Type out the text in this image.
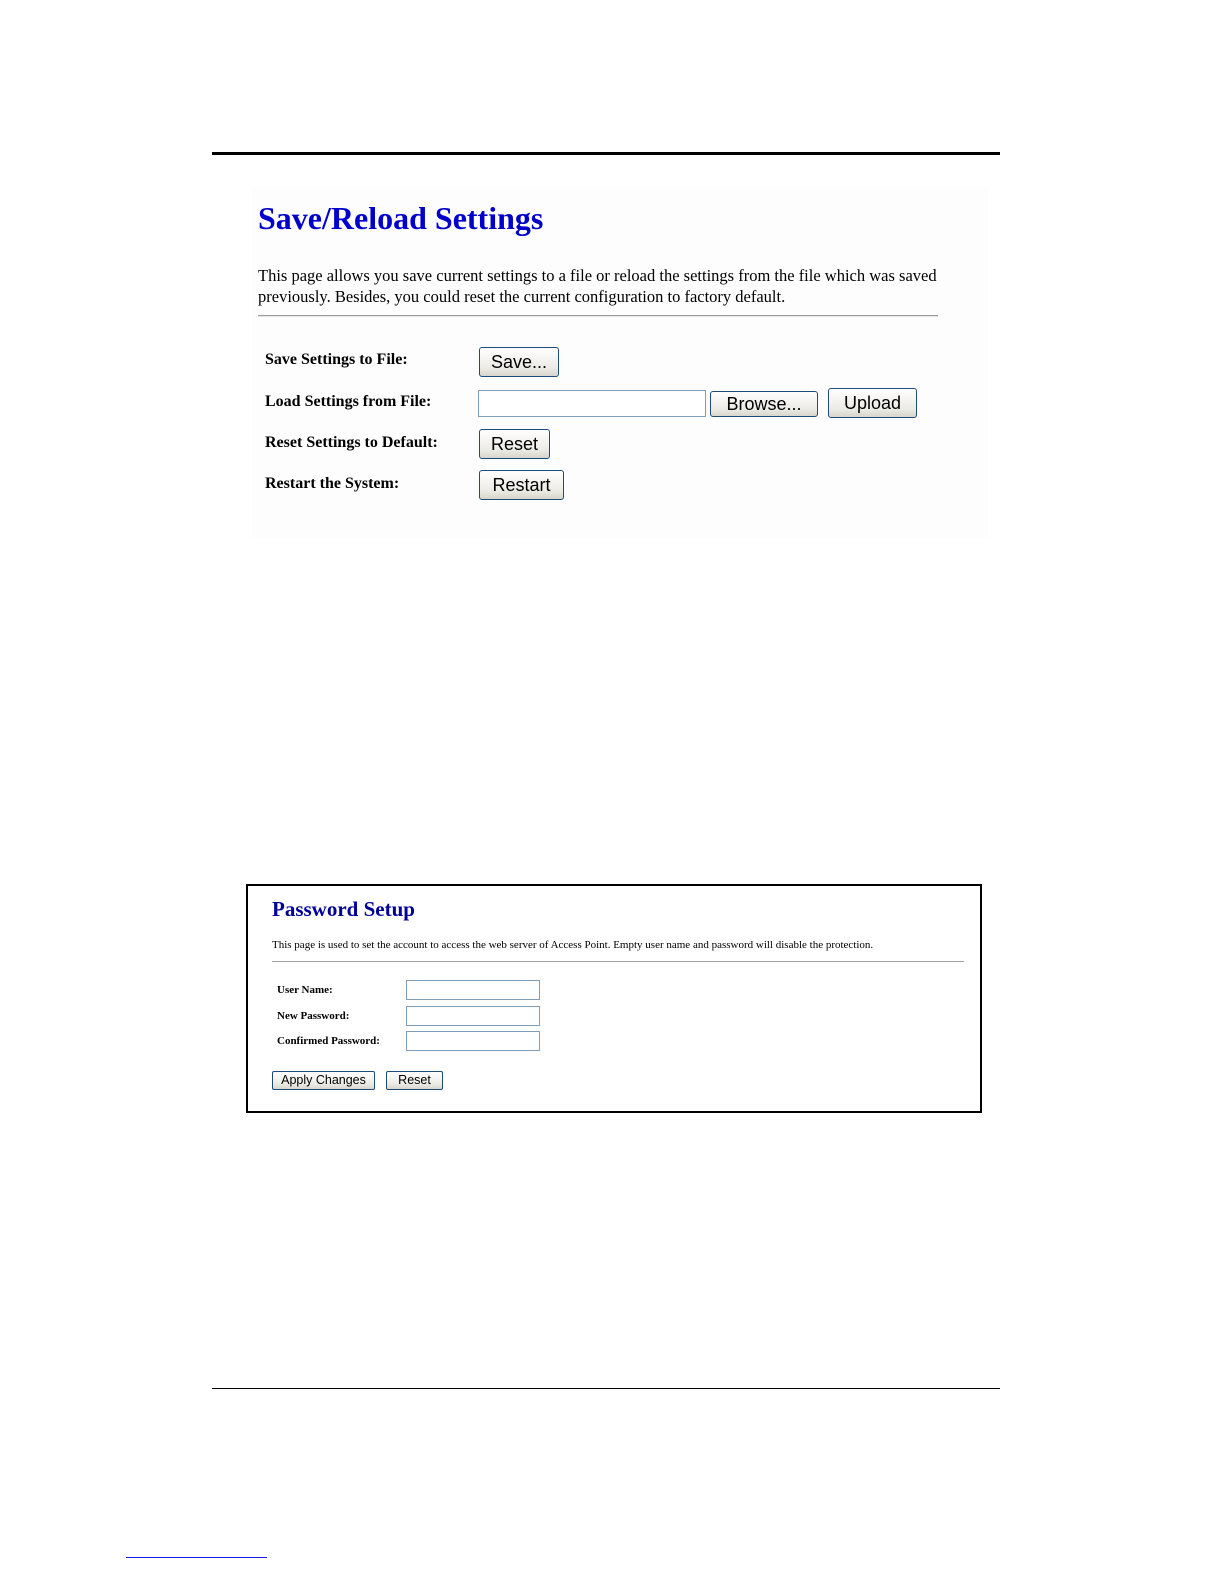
Save/Reload Settings

This page allows you save current settings to a file or reload the settings from the file which was saved previously. Besides, you could reset the current configuration to factory default.

Save Settings to File:	Save...
Load Settings from File:	Browse...	Upload
Reset Settings to Default:	Reset
Restart the System:	Restart
Password Setup

This page is used to set the account to access the web server of Access Point. Empty user name and password will disable the protection.

User Name:
New Password:
Confirmed Password:
Apply Changes	Reset
